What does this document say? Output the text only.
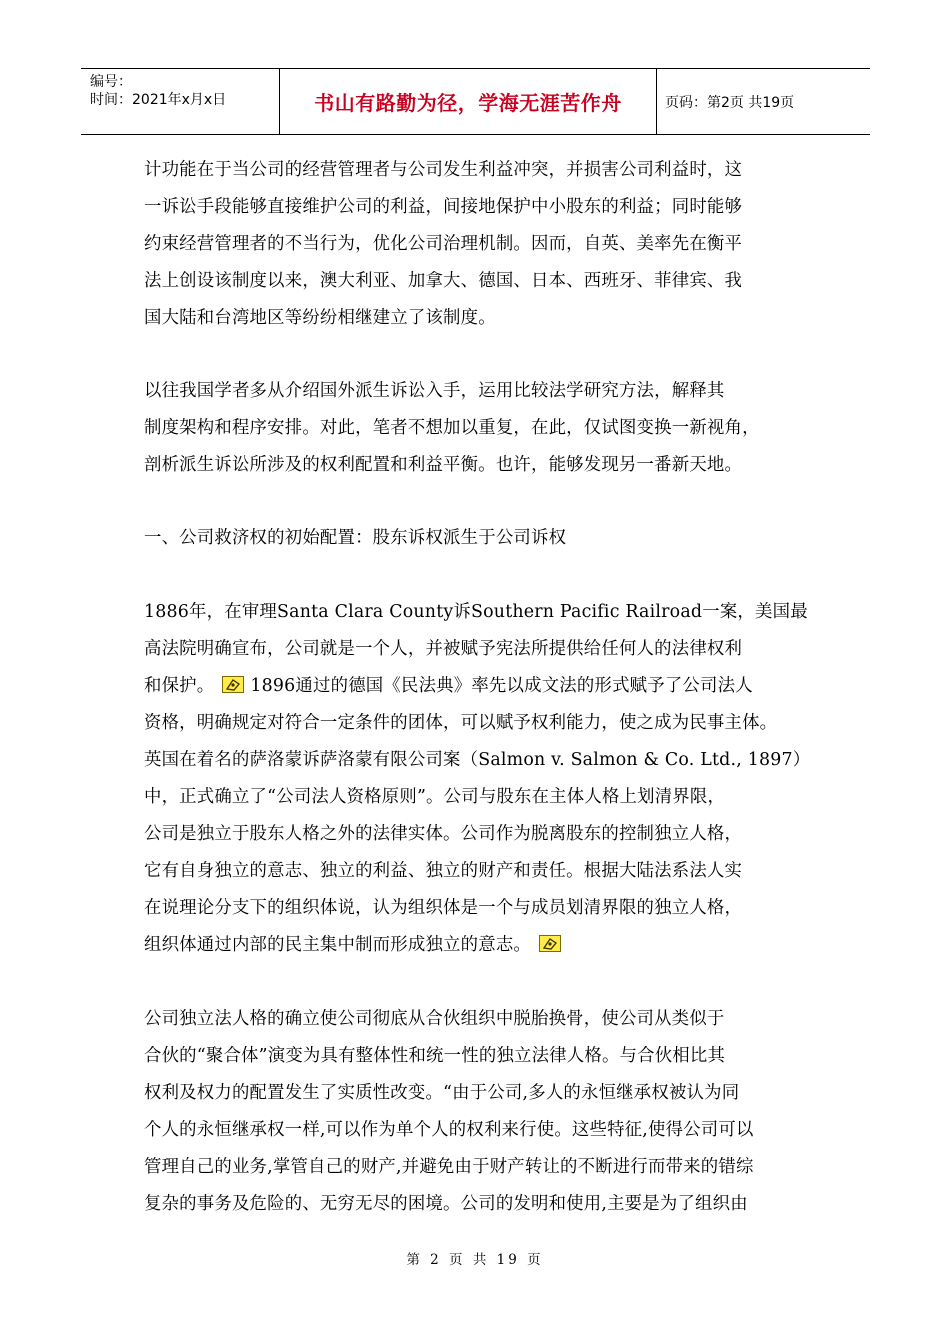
编号：
时间：2021年x月x日	书山有路勤为径，学海无涯苦作舟	页码：第2页 共19页
计功能在于当公司的经营管理者与公司发生利益冲突，并损害公司利益时，这
一诉讼手段能够直接维护公司的利益，间接地保护中小股东的利益；同时能够
约束经营管理者的不当行为，优化公司治理机制。因而，自英、美率先在衡平
法上创设该制度以来，澳大利亚、加拿大、德国、日本、西班牙、菲律宾、我
国大陆和台湾地区等纷纷相继建立了该制度。
以往我国学者多从介绍国外派生诉讼入手，运用比较法学研究方法，解释其
制度架构和程序安排。对此，笔者不想加以重复，在此，仅试图变换一新视角，
剖析派生诉讼所涉及的权利配置和利益平衡。也许，能够发现另一番新天地。
一、公司救济权的初始配置：股东诉权派生于公司诉权
1886年，在审理Santa Clara County诉Southern Pacific Railroad一案，美国最
高法院明确宣布，公司就是一个人，并被赋予宪法所提供给任何人的法律权利
和保护。 1896通过的德国《民法典》率先以成文法的形式赋予了公司法人
资格，明确规定对符合一定条件的团体，可以赋予权利能力，使之成为民事主体。
英国在着名的萨洛蒙诉萨洛蒙有限公司案（Salmon v. Salmon & Co. Ltd., 1897）
中，正式确立了“公司法人资格原则”。公司与股东在主体人格上划清界限，
公司是独立于股东人格之外的法律实体。公司作为脱离股东的控制独立人格，
它有自身独立的意志、独立的利益、独立的财产和责任。根据大陆法系法人实
在说理论分支下的组织体说，认为组织体是一个与成员划清界限的独立人格，
组织体通过内部的民主集中制而形成独立的意志。
公司独立法人格的确立使公司彻底从合伙组织中脱胎换骨，使公司从类似于
合伙的“聚合体”演变为具有整体性和统一性的独立法律人格。与合伙相比其
权利及权力的配置发生了实质性改变。“由于公司,多人的永恒继承权被认为同
个人的永恒继承权一样,可以作为单个人的权利来行使。这些特征,使得公司可以
管理自己的业务,掌管自己的财产,并避免由于财产转让的不断进行而带来的错综
复杂的事务及危险的、无穷无尽的困境。公司的发明和使用,主要是为了组织由
第 2 页 共 19 页
